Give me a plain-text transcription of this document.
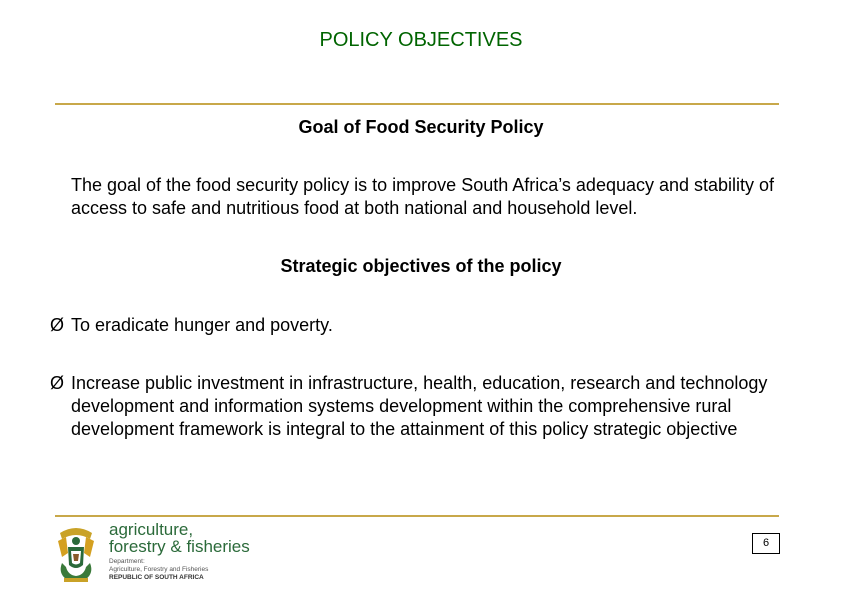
POLICY OBJECTIVES
Goal of Food Security Policy
The goal of the food security policy is to improve South Africa’s adequacy and stability of access to safe and nutritious food at both national and household level.
Strategic objectives of the policy
Ø To eradicate hunger and poverty.
Ø Increase public investment in infrastructure, health, education, research and technology development and information systems development within the comprehensive rural development framework is integral to the attainment of this policy strategic objective
agriculture,
forestry & fisheries
Department:
Agriculture, Forestry and Fisheries
REPUBLIC OF SOUTH AFRICA
6
